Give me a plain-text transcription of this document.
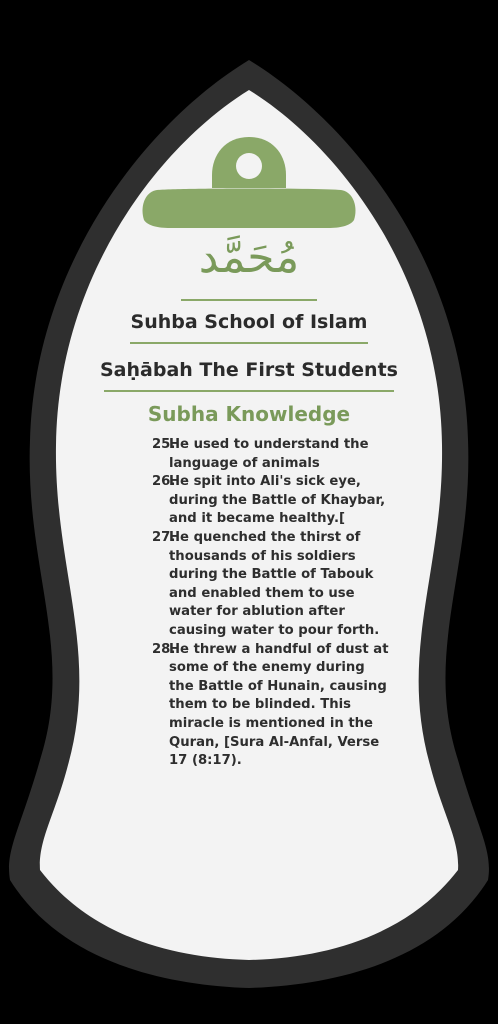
مُحَمَّد
Suhba School of Islam
Saḥābah The First Students
Subha Knowledge
25.
He used to understand the language of animals
26.
He spit into Ali's sick eye, during the Battle of Khaybar, and it became healthy.[
27.
He quenched the thirst of thousands of his soldiers during the Battle of Tabouk and enabled them to use water for ablution after causing water to pour forth.
28.
He threw a handful of dust at some of the enemy during the Battle of Hunain, causing them to be blinded. This miracle is mentioned in the Quran, [Sura Al-Anfal, Verse 17 (8:17).
